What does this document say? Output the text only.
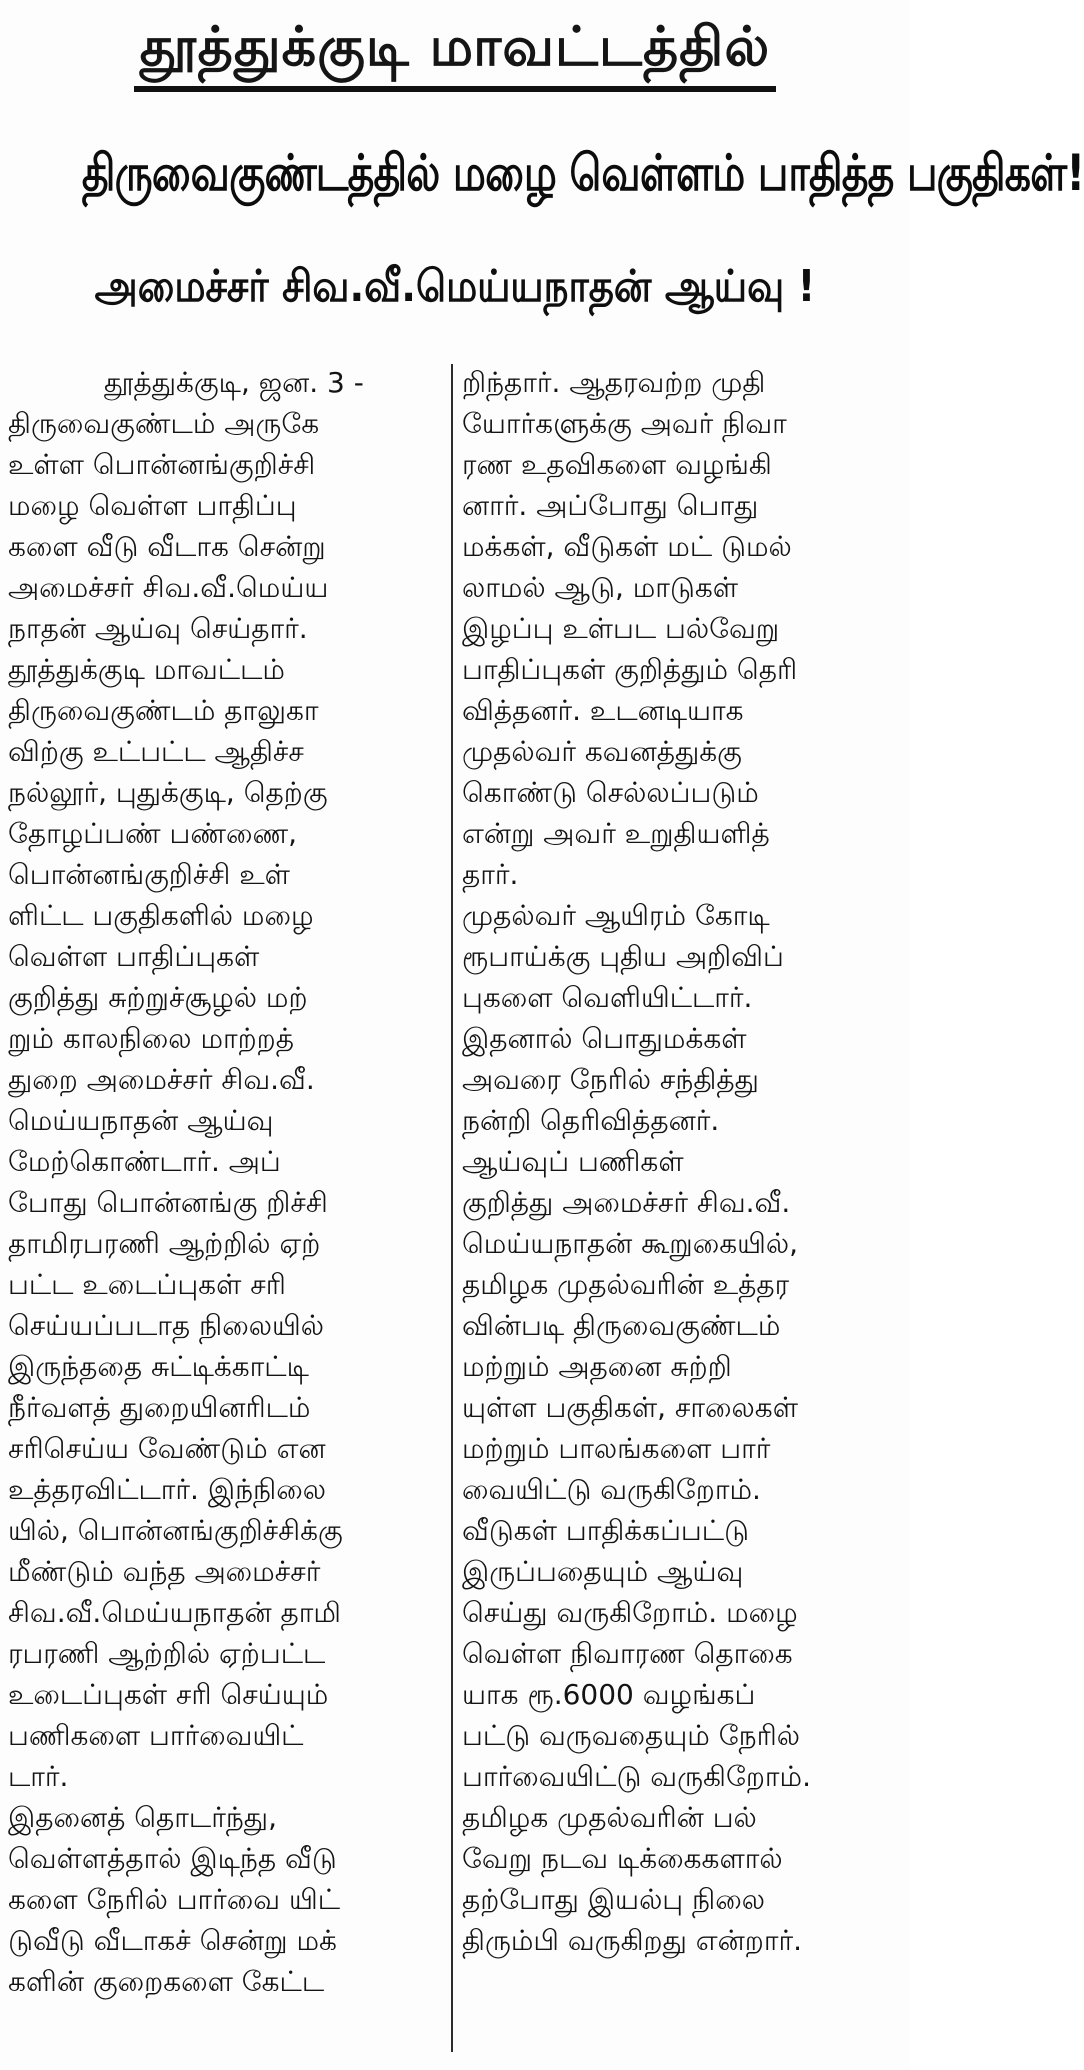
தூத்துக்குடி மாவட்டத்தில்
திருவைகுண்டத்தில் மழை வெள்ளம் பாதித்த பகுதிகள்!
அமைச்சர் சிவ.வீ.மெய்யநாதன் ஆய்வு !

தூத்துக்குடி, ஜன. 3 -

திருவைகுண்டம் அருகே
உள்ள பொன்னங்குறிச்சி
மழை வெள்ள பாதிப்பு
களை வீடு வீடாக சென்று
அமைச்சர் சிவ.வீ.மெய்ய
நாதன் ஆய்வு செய்தார்.

தூத்துக்குடி மாவட்டம்
திருவைகுண்டம் தாலுகா
விற்கு உட்பட்ட ஆதிச்ச
நல்லூர், புதுக்குடி, தெற்கு
தோழப்பண் பண்ணை,
பொன்னங்குறிச்சி உள்
ளிட்ட பகுதிகளில் மழை
வெள்ள பாதிப்புகள்
குறித்து சுற்றுச்சூழல் மற்
றும் காலநிலை மாற்றத்
துறை அமைச்சர் சிவ.வீ.
மெய்யநாதன் ஆய்வு
மேற்கொண்டார். அப்
போது பொன்னங்கு றிச்சி
தாமிரபரணி ஆற்றில் ஏற்
பட்ட உடைப்புகள் சரி
செய்யப்படாத நிலையில்
இருந்ததை சுட்டிக்காட்டி
நீர்வளத் துறையினரிடம்
சரிசெய்ய வேண்டும் என
உத்தரவிட்டார். இந்நிலை
யில், பொன்னங்குறிச்சிக்கு
மீண்டும் வந்த அமைச்சர்
சிவ.வீ.மெய்யநாதன் தாமி
ரபரணி ஆற்றில் ஏற்பட்ட
உடைப்புகள் சரி செய்யும்
பணிகளை பார்வையிட்
டார்.

இதனைத் தொடர்ந்து,
வெள்ளத்தால் இடிந்த வீடு
களை நேரில் பார்வை யிட்
டுவீடு வீடாகச் சென்று மக்
களின் குறைகளை கேட்ட

றிந்தார். ஆதரவற்ற முதி
யோர்களுக்கு அவர் நிவா
ரண உதவிகளை வழங்கி
னார். அப்போது பொது
மக்கள், வீடுகள் மட் டுமல்
லாமல் ஆடு, மாடுகள்
இழப்பு உள்பட பல்வேறு
பாதிப்புகள் குறித்தும் தெரி
வித்தனர். உடனடியாக
முதல்வர் கவனத்துக்கு
கொண்டு செல்லப்படும்
என்று அவர் உறுதியளித்
தார்.

முதல்வர் ஆயிரம் கோடி
ரூபாய்க்கு புதிய அறிவிப்
புகளை வெளியிட்டார்.
இதனால் பொதுமக்கள்
அவரை நேரில் சந்தித்து
நன்றி தெரிவித்தனர்.

ஆய்வுப் பணிகள்
குறித்து அமைச்சர் சிவ.வீ.
மெய்யநாதன் கூறுகையில்,
தமிழக முதல்வரின் உத்தர
வின்படி திருவைகுண்டம்
மற்றும் அதனை சுற்றி
யுள்ள பகுதிகள், சாலைகள்
மற்றும் பாலங்களை பார்
வையிட்டு வருகிறோம்.
வீடுகள் பாதிக்கப்பட்டு
இருப்பதையும் ஆய்வு
செய்து வருகிறோம். மழை
வெள்ள நிவாரண தொகை
யாக ரூ.6000 வழங்கப்
பட்டு வருவதையும் நேரில்
பார்வையிட்டு வருகிறோம்.
தமிழக முதல்வரின் பல்
வேறு நடவ டிக்கைகளால்
தற்போது இயல்பு நிலை
திரும்பி வருகிறது என்றார்.
